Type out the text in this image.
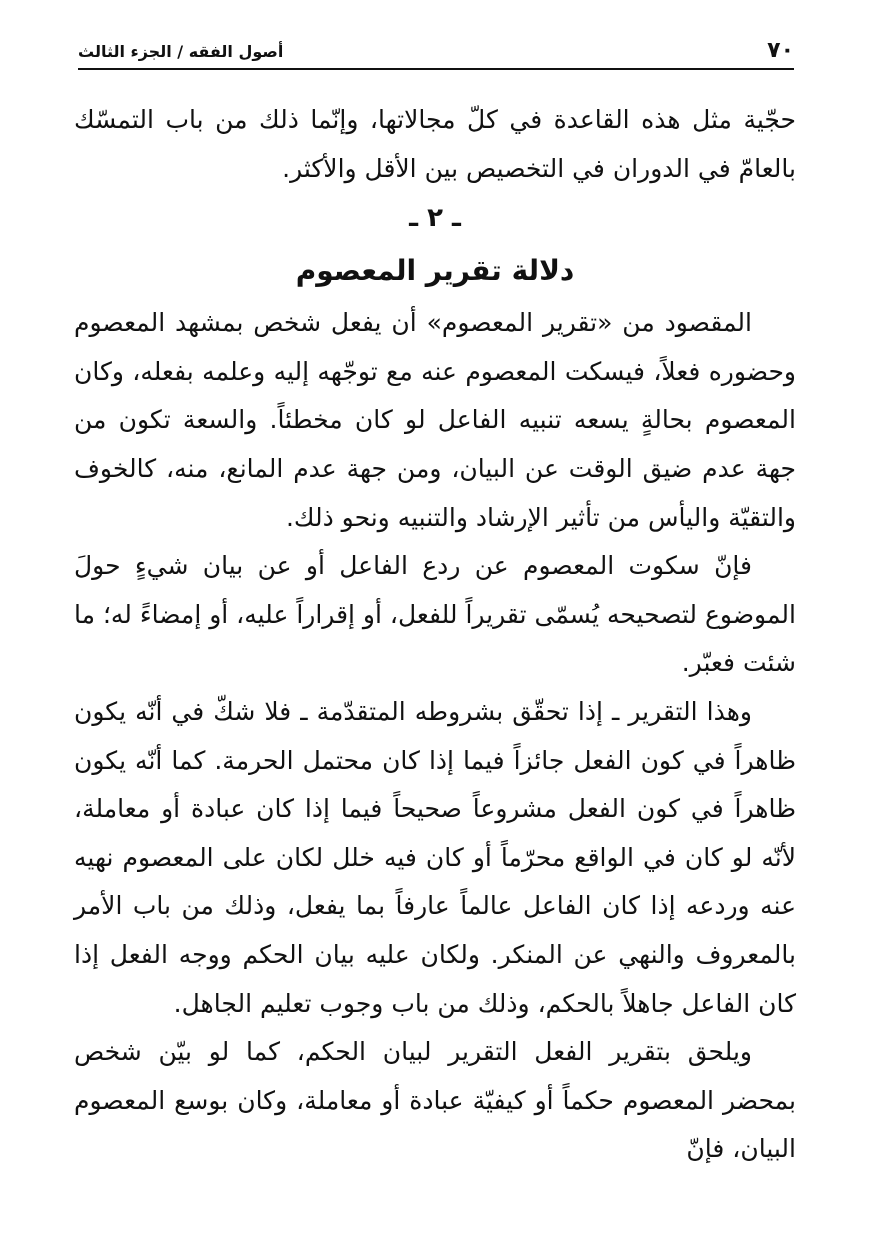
٧٠
أصول الفقه / الجزء الثالث

حجّية مثل هذه القاعدة في كلّ مجالاتها، وإنّما ذلك من باب التمسّك بالعامّ في الدوران في التخصيص بين الأقل والأكثر.

ـ ٢ ـ

دلالة تقرير المعصوم

المقصود من «تقرير المعصوم» أن يفعل شخص بمشهد المعصوم وحضوره فعلاً، فيسكت المعصوم عنه مع توجّهه إليه وعلمه بفعله، وكان المعصوم بحالةٍ يسعه تنبيه الفاعل لو كان مخطئاً. والسعة تكون من جهة عدم ضيق الوقت عن البيان، ومن جهة عدم المانع، منه، كالخوف والتقيّة واليأس من تأثير الإرشاد والتنبيه ونحو ذلك.

فإنّ سكوت المعصوم عن ردع الفاعل أو عن بيان شيءٍ حولَ الموضوع لتصحيحه يُسمّى تقريراً للفعل، أو إقراراً عليه، أو إمضاءً له؛ ما شئت فعبّر.

وهذا التقرير ـ إذا تحقّق بشروطه المتقدّمة ـ فلا شكّ في أنّه يكون ظاهراً في كون الفعل جائزاً فيما إذا كان محتمل الحرمة. كما أنّه يكون ظاهراً في كون الفعل مشروعاً صحيحاً فيما إذا كان عبادة أو معاملة، لأنّه لو كان في الواقع محرّماً أو كان فيه خلل لكان على المعصوم نهيه عنه وردعه إذا كان الفاعل عالماً عارفاً بما يفعل، وذلك من باب الأمر بالمعروف والنهي عن المنكر. ولكان عليه بيان الحكم ووجه الفعل إذا كان الفاعل جاهلاً بالحكم، وذلك من باب وجوب تعليم الجاهل.

ويلحق بتقرير الفعل التقرير لبيان الحكم، كما لو بيّن شخص بمحضر المعصوم حكماً أو كيفيّة عبادة أو معاملة، وكان بوسع المعصوم البيان، فإنّ
